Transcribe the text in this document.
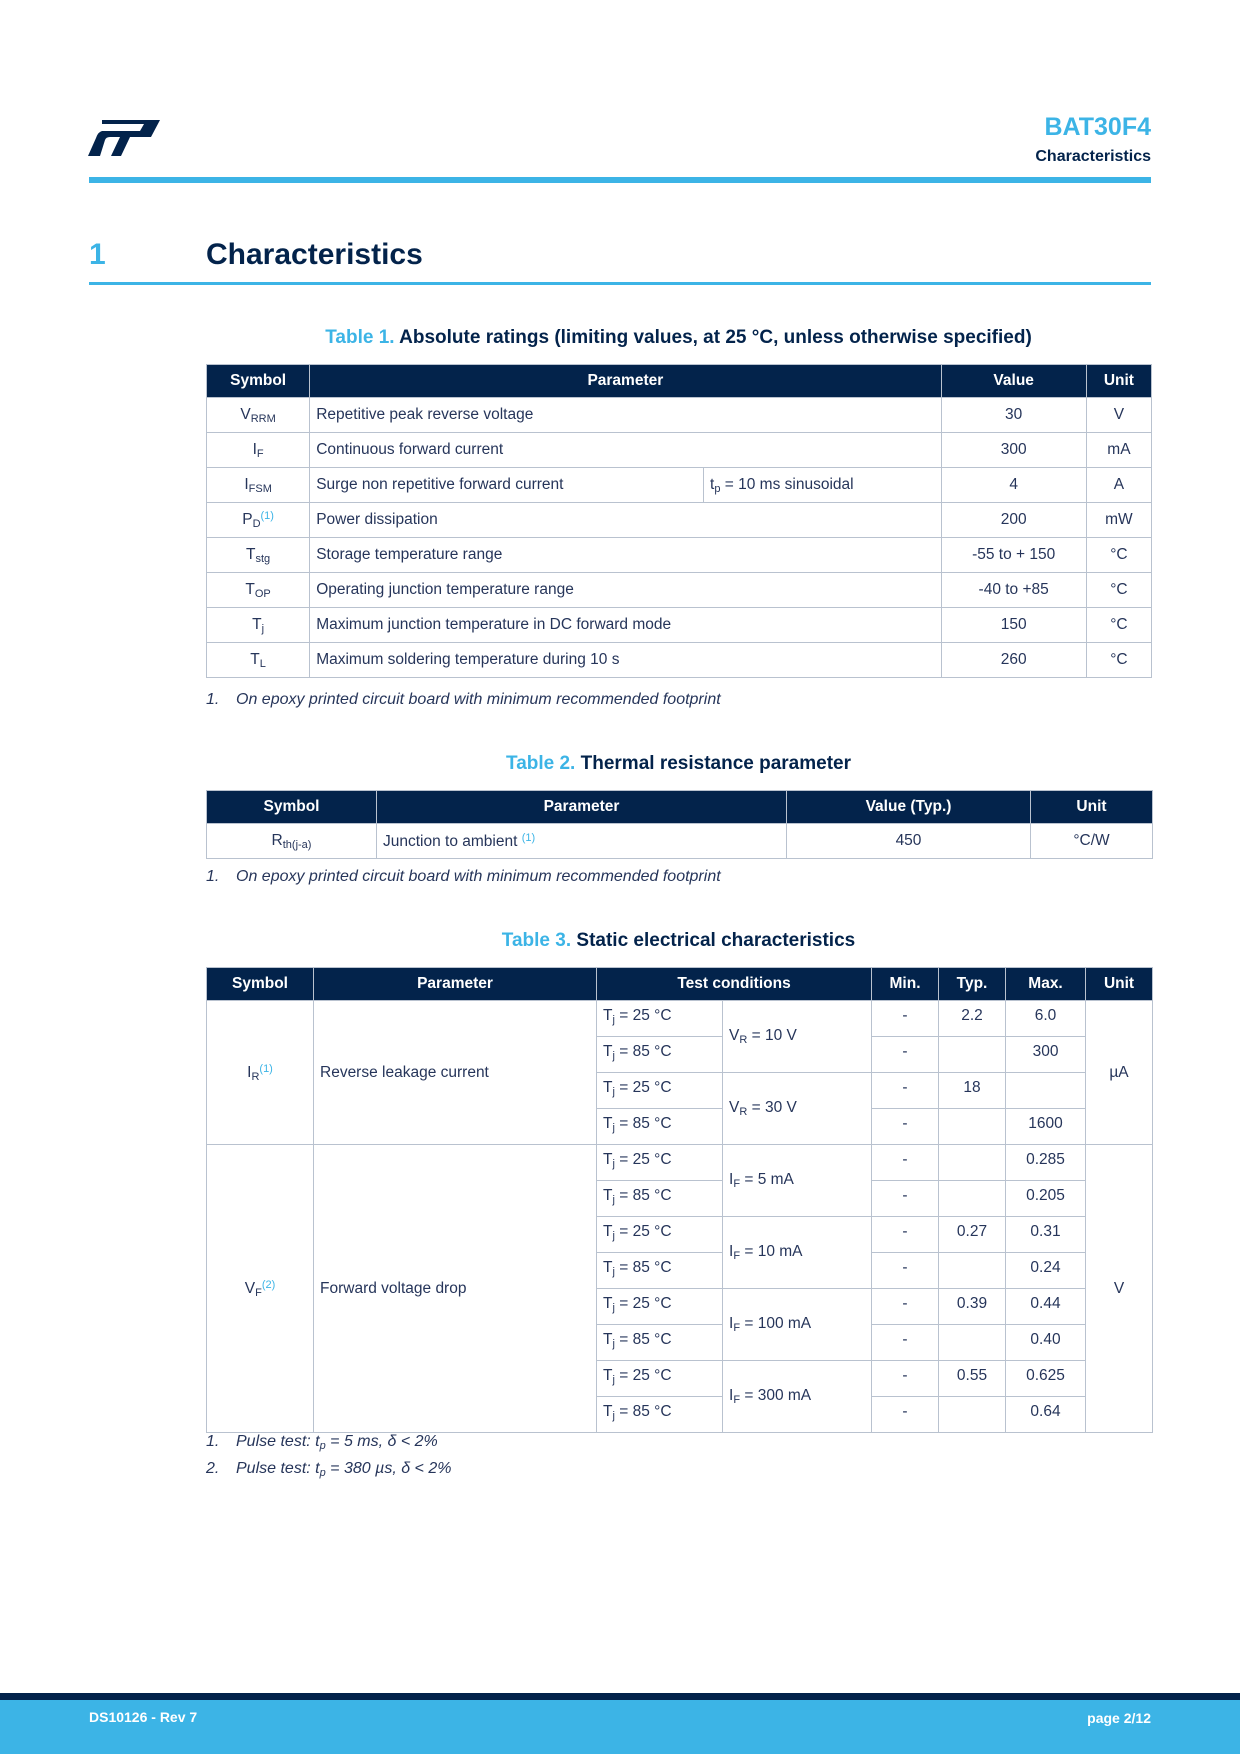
BAT30F4
Characteristics
1	Characteristics
Table 1. Absolute ratings (limiting values, at 25 °C, unless otherwise specified)
Symbol	Parameter		Value	Unit
$V_{RRM}$	Repetitive peak reverse voltage		30	V
$I_F$	Continuous forward current		300	mA
$I_{FSM}$	Surge non repetitive forward current	$t_p = 10$ ms sinusoidal	4	A
$P_D^{(1)}$	Power dissipation		200	mW
$T_{stg}$	Storage temperature range		-55 to + 150	°C
$T_{OP}$	Operating junction temperature range		-40 to +85	°C
$T_j$	Maximum junction temperature in DC forward mode		150	°C
$T_L$	Maximum soldering temperature during 10 s		260	°C
1. On epoxy printed circuit board with minimum recommended footprint
Table 2. Thermal resistance parameter
Symbol	Parameter	Value (Typ.)	Unit
$R_{th(j-a)}$	Junction to ambient $^{(1)}$	450	°C/W
1. On epoxy printed circuit board with minimum recommended footprint
Table 3. Static electrical characteristics
Symbol	Parameter	Test conditions		Min.	Typ.	Max.	Unit
$I_R^{(1)}$	Reverse leakage current	$T_j = 25$ °C	$V_R = 10$ V	-	2.2	6.0	µA
		$T_j = 85$ °C		-		300	
		$T_j = 25$ °C	$V_R = 30$ V	-	18		
		$T_j = 85$ °C		-		1600	
$V_F^{(2)}$	Forward voltage drop	$T_j = 25$ °C	$I_F = 5$ mA	-		0.285	V
		$T_j = 85$ °C		-		0.205	
		$T_j = 25$ °C	$I_F = 10$ mA	-	0.27	0.31	
		$T_j = 85$ °C		-		0.24	
		$T_j = 25$ °C	$I_F = 100$ mA	-	0.39	0.44	
		$T_j = 85$ °C		-		0.40	
		$T_j = 25$ °C	$I_F = 300$ mA	-	0.55	0.625	
		$T_j = 85$ °C		-		0.64	
1. Pulse test: $t_p = 5$ ms, δ < 2%
2. Pulse test: $t_p = 380$ µs, δ < 2%
DS10126 - Rev 7	page 2/12
